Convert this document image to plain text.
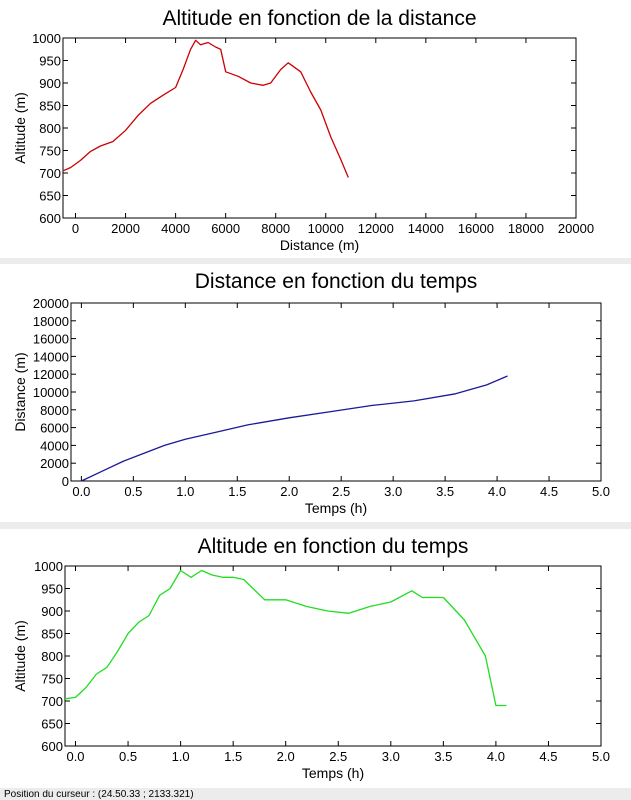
Altitude en fonction de la distance
0 2000 4000 6000 8000 10000 12000 14000 16000 18000 20000
600
650
700
750
800
850
900
950
1000
Distance (m)
Altitude (m)
Distance en fonction du temps
0.0	0.5	1.0	1.5	2.0	2.5	3.0	3.5	4.0	4.5	5.0
0
2000
4000
6000
8000
10000
12000
14000
16000
18000
20000
Temps (h)
Distance (m)
Altitude en fonction du temps
0.0	0.5	1.0	1.5	2.0	2.5	3.0	3.5	4.0	4.5	5.0
600
650
700
750
800
850
900
950
1000
Temps (h)
Altitude (m)
Position du curseur : (24.50.33 ; 2133.321)
